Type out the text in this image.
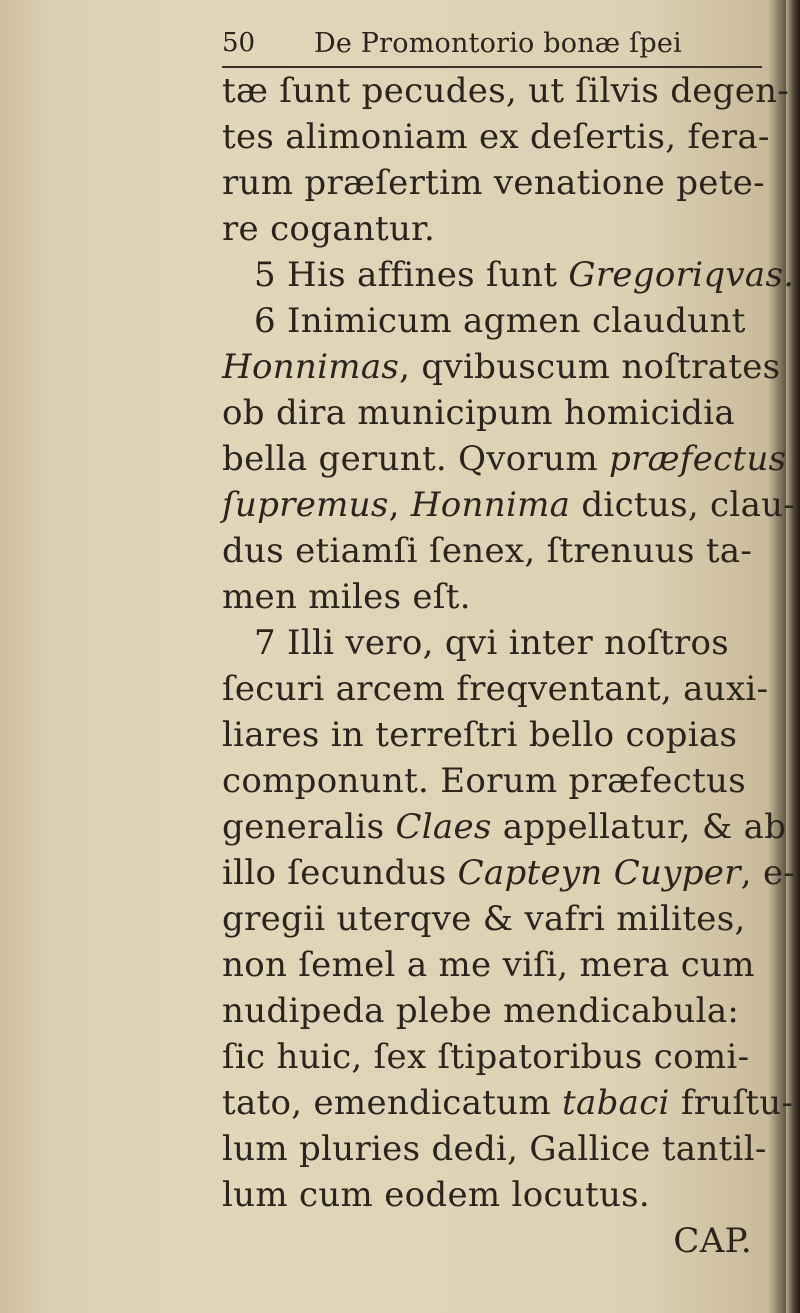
50 De Promontorio bonæ ſpei
tæ ſunt pecudes, ut ſilvis degen-
tes alimoniam ex deſertis, fera-
rum præſertim venatione pete-
re cogantur.
5 His affines ſunt Gregoriqvas.
6 Inimicum agmen claudunt
Honnimas, qvibuscum noſtrates
ob dira municipum homicidia
bella gerunt. Qvorum præfectus
ſupremus, Honnima dictus, clau-
dus etiamſi ſenex, ſtrenuus ta-
men miles eſt.
7 Illi vero, qvi inter noſtros
ſecuri arcem freqventant, auxi-
liares in terreſtri bello copias
componunt. Eorum præfectus
generalis Claes appellatur, & ab
illo ſecundus Capteyn Cuyper, e-
gregii uterqve & vafri milites,
non ſemel a me viſi, mera cum
nudipeda plebe mendicabula:
ſic huic, ſex ſtipatoribus comi-
tato, emendicatum tabaci fruſtu-
lum pluries dedi, Gallice tantil-
lum cum eodem locutus.
CAP.
